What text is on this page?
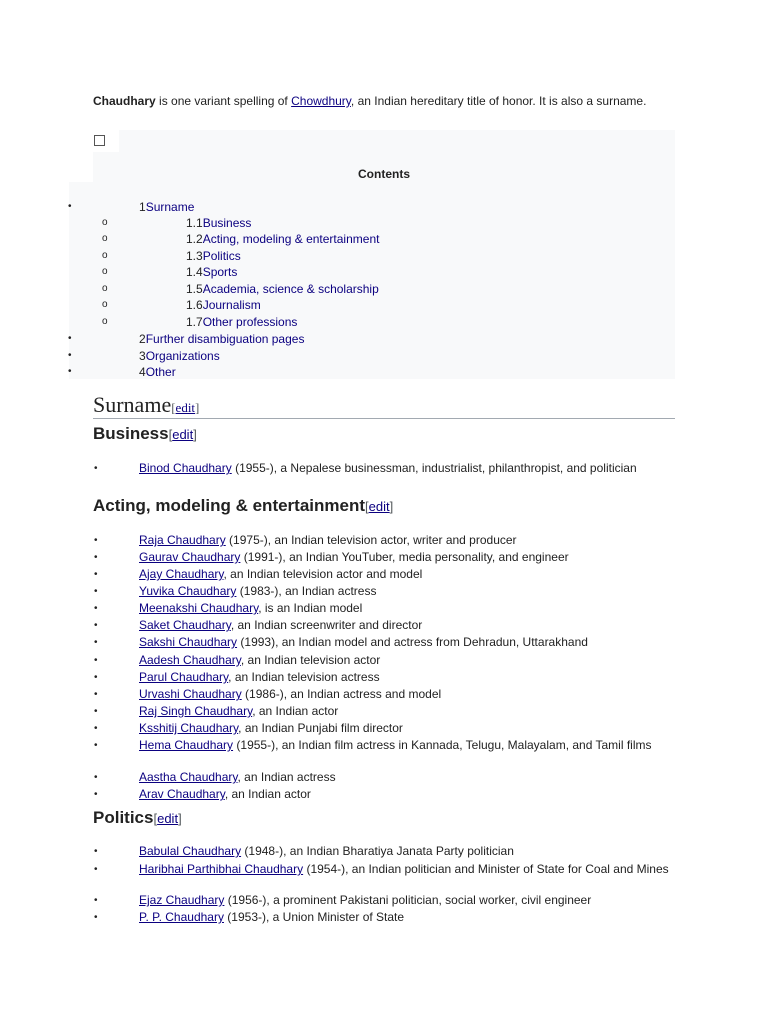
Chaudhary is one variant spelling of Chowdhury, an Indian hereditary title of honor. It is also a surname.

Contents
•	1Surname
o	1.1Business
o	1.2Acting, modeling & entertainment
o	1.3Politics
o	1.4Sports
o	1.5Academia, science & scholarship
o	1.6Journalism
o	1.7Other professions
•	2Further disambiguation pages
•	3Organizations
•	4Other
Surname[edit]
Business[edit]
•	Binod Chaudhary (1955-), a Nepalese businessman, industrialist, philanthropist, and politician
Acting, modeling & entertainment[edit]
•	Raja Chaudhary (1975-), an Indian television actor, writer and producer
•	Gaurav Chaudhary (1991-), an Indian YouTuber, media personality, and engineer
•	Ajay Chaudhary, an Indian television actor and model
•	Yuvika Chaudhary (1983-), an Indian actress
•	Meenakshi Chaudhary, is an Indian model
•	Saket Chaudhary, an Indian screenwriter and director
•	Sakshi Chaudhary (1993), an Indian model and actress from Dehradun, Uttarakhand
•	Aadesh Chaudhary, an Indian television actor
•	Parul Chaudhary, an Indian television actress
•	Urvashi Chaudhary (1986-), an Indian actress and model
•	Raj Singh Chaudhary, an Indian actor
•	Ksshitij Chaudhary, an Indian Punjabi film director
•	Hema Chaudhary (1955-), an Indian film actress in Kannada, Telugu, Malayalam, and Tamil films
•	Aastha Chaudhary, an Indian actress
•	Arav Chaudhary, an Indian actor
Politics[edit]
•	Babulal Chaudhary (1948-), an Indian Bharatiya Janata Party politician
•	Haribhai Parthibhai Chaudhary (1954-), an Indian politician and Minister of State for Coal and Mines
•	Ejaz Chaudhary (1956-), a prominent Pakistani politician, social worker, civil engineer
•	P. P. Chaudhary (1953-), a Union Minister of State
